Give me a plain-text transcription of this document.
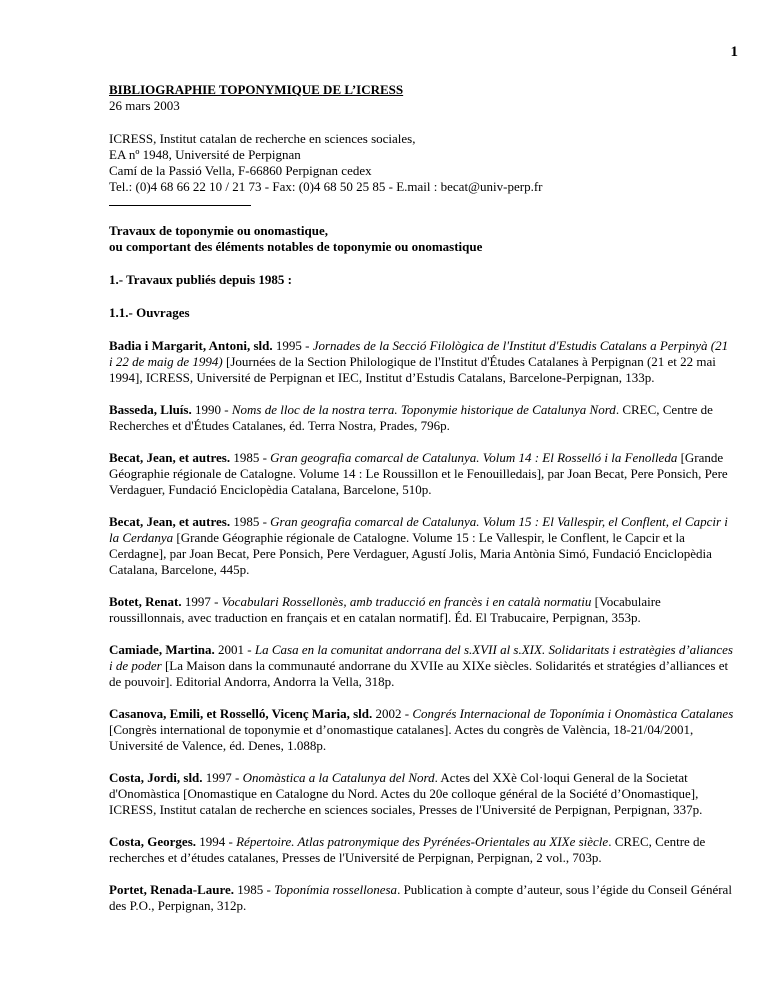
1
BIBLIOGRAPHIE TOPONYMIQUE DE L’ICRESS
26 mars 2003
ICRESS, Institut catalan de recherche en sciences sociales,
EA nº 1948, Université de Perpignan
Camí de la Passió Vella, F-66860 Perpignan cedex
Tel.: (0)4 68 66 22 10 / 21 73 - Fax: (0)4 68 50 25 85 - E.mail : becat@univ-perp.fr
Travaux de toponymie ou onomastique,
ou comportant des éléments notables de toponymie ou onomastique
1.- Travaux publiés depuis 1985 :
1.1.- Ouvrages
Badia i Margarit, Antoni, sld. 1995 - Jornades de la Secció Filològica de l'Institut d'Estudis Catalans a Perpinyà (21 i 22 de maig de 1994) [Journées de la Section Philologique de l'Institut d'Études Catalanes à Perpignan (21 et 22 mai 1994], ICRESS, Université de Perpignan et IEC, Institut d’Estudis Catalans, Barcelone-Perpignan, 133p.
Basseda, Lluís. 1990 - Noms de lloc de la nostra terra. Toponymie historique de Catalunya Nord. CREC, Centre de Recherches et d'Études Catalanes, éd. Terra Nostra, Prades, 796p.
Becat, Jean, et autres. 1985 - Gran geografia comarcal de Catalunya. Volum 14 : El Rosselló i la Fenolleda [Grande Géographie régionale de Catalogne. Volume 14 : Le Roussillon et le Fenouilledais], par Joan Becat, Pere Ponsich, Pere Verdaguer, Fundació Enciclopèdia Catalana, Barcelone, 510p.
Becat, Jean, et autres. 1985 - Gran geografia comarcal de Catalunya. Volum 15 : El Vallespir, el Conflent, el Capcir i la Cerdanya [Grande Géographie régionale de Catalogne. Volume 15 : Le Vallespir, le Conflent, le Capcir et la Cerdagne], par Joan Becat, Pere Ponsich, Pere Verdaguer, Agustí Jolis, Maria Antònia Simó, Fundació Enciclopèdia Catalana, Barcelone, 445p.
Botet, Renat. 1997 - Vocabulari Rossellonès, amb traducció en francès i en català normatiu [Vocabulaire roussillonnais, avec traduction en français et en catalan normatif]. Éd. El Trabucaire, Perpignan, 353p.
Camiade, Martina. 2001 - La Casa en la comunitat andorrana del s.XVII al s.XIX. Solidaritats i estratègies d’aliances i de poder [La Maison dans la communauté andorrane du XVIIe au XIXe siècles. Solidarités et stratégies d’alliances et de pouvoir]. Editorial Andorra, Andorra la Vella, 318p.
Casanova, Emili, et Rosselló, Vicenç Maria, sld. 2002 - Congrés Internacional de Toponímia i Onomàstica Catalanes [Congrès international de toponymie et d’onomastique catalanes]. Actes du congrès de València, 18-21/04/2001, Université de Valence, éd. Denes, 1.088p.
Costa, Jordi, sld. 1997 - Onomàstica a la Catalunya del Nord. Actes del XXè Col·loqui General de la Societat d'Onomàstica [Onomastique en Catalogne du Nord. Actes du 20e colloque général de la Société d’Onomastique], ICRESS, Institut catalan de recherche en sciences sociales, Presses de l'Université de Perpignan, Perpignan, 337p.
Costa, Georges. 1994 - Répertoire. Atlas patronymique des Pyrénées-Orientales au XIXe siècle. CREC, Centre de recherches et d’études catalanes, Presses de l'Université de Perpignan, Perpignan, 2 vol., 703p.
Portet, Renada-Laure. 1985 - Toponímia rossellonesa. Publication à compte d’auteur, sous l’égide du Conseil Général des P.O., Perpignan, 312p.
